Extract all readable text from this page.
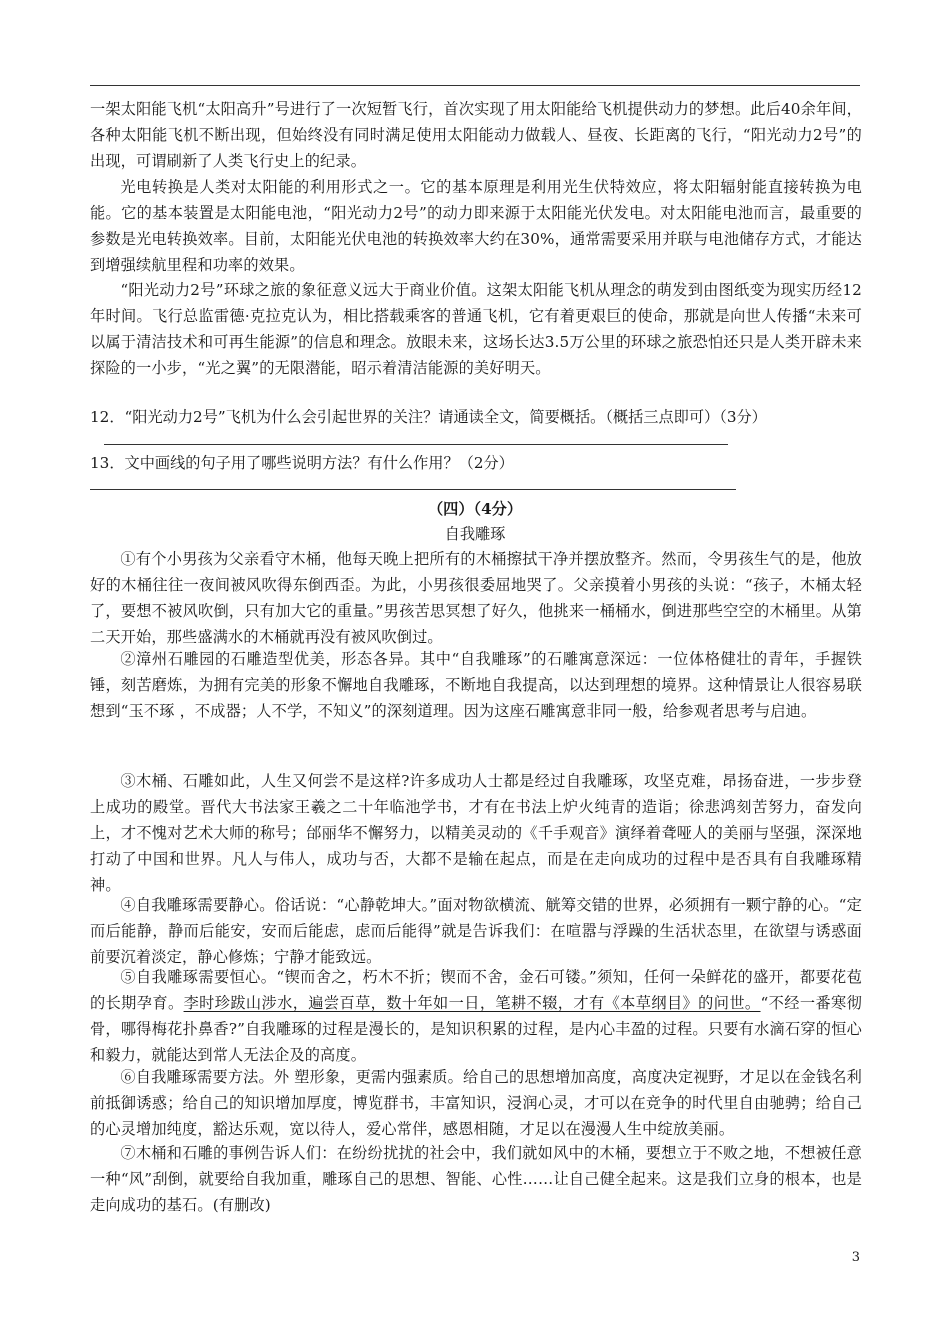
一架太阳能飞机“太阳高升”号进行了一次短暂飞行，首次实现了用太阳能给飞机提供动力的梦想。此后40余年间，各种太阳能飞机不断出现，但始终没有同时满足使用太阳能动力做载人、昼夜、长距离的飞行，“阳光动力2号”的出现，可谓刷新了人类飞行史上的纪录。

光电转换是人类对太阳能的利用形式之一。它的基本原理是利用光生伏特效应，将太阳辐射能直接转换为电能。它的基本装置是太阳能电池，“阳光动力2号”的动力即来源于太阳能光伏发电。对太阳能电池而言，最重要的参数是光电转换效率。目前，太阳能光伏电池的转换效率大约在30%，通常需要采用并联与电池储存方式，才能达到增强续航里程和功率的效果。

“阳光动力2号”环球之旅的象征意义远大于商业价值。这架太阳能飞机从理念的萌发到由图纸变为现实历经12年时间。飞行总监雷德·克拉克认为，相比搭载乘客的普通飞机，它有着更艰巨的使命，那就是向世人传播“未来可以属于清洁技术和可再生能源”的信息和理念。放眼未来，这场长达3.5万公里的环球之旅恐怕还只是人类开辟未来探险的一小步，“光之翼”的无限潜能，昭示着清洁能源的美好明天。

12．“阳光动力2号”飞机为什么会引起世界的关注？请通读全文，简要概括。（概括三点即可）（3分）
13．文中画线的句子用了哪些说明方法？有什么作用？（2分）
（四）（4分）
自我雕琢

①有个小男孩为父亲看守木桶，他每天晚上把所有的木桶擦拭干净并摆放整齐。然而，令男孩生气的是，他放好的木桶往往一夜间被风吹得东倒西歪。为此，小男孩很委屈地哭了。父亲摸着小男孩的头说：“孩子，木桶太轻了，要想不被风吹倒，只有加大它的重量。”男孩苦思冥想了好久，他挑来一桶桶水，倒进那些空空的木桶里。从第二天开始，那些盛满水的木桶就再没有被风吹倒过。

②漳州石雕园的石雕造型优美，形态各异。其中“自我雕琢”的石雕寓意深远：一位体格健壮的青年，手握铁锤，刻苦磨炼，为拥有完美的形象不懈地自我雕琢，不断地自我提高，以达到理想的境界。这种情景让人很容易联想到“玉不琢 ，不成器；人不学，不知义”的深刻道理。因为这座石雕寓意非同一般，给参观者思考与启迪。

③木桶、石雕如此，人生又何尝不是这样?许多成功人士都是经过自我雕琢，攻坚克难，昂扬奋进，一步步登上成功的殿堂。晋代大书法家王羲之二十年临池学书，才有在书法上炉火纯青的造诣；徐悲鸿刻苦努力，奋发向上，才不愧对艺术大师的称号；邰丽华不懈努力，以精美灵动的《千手观音》演绎着聋哑人的美丽与坚强，深深地打动了中国和世界。凡人与伟人，成功与否，大都不是输在起点，而是在走向成功的过程中是否具有自我雕琢精神。

④自我雕琢需要静心。俗话说：“心静乾坤大。”面对物欲横流、觥筹交错的世界，必须拥有一颗宁静的心。“定而后能静，静而后能安，安而后能虑，虑而后能得”就是告诉我们：在喧嚣与浮躁的生活状态里，在欲望与诱惑面前要沉着淡定，静心修炼；宁静才能致远。

⑤自我雕琢需要恒心。“锲而舍之，朽木不折；锲而不舍，金石可镂。”须知，任何一朵鲜花的盛开，都要花苞的长期孕育。李时珍跋山涉水，遍尝百草，数十年如一日，笔耕不辍，才有《本草纲目》的问世。“不经一番寒彻骨，哪得梅花扑鼻香?”自我雕琢的过程是漫长的，是知识积累的过程，是内心丰盈的过程。只要有水滴石穿的恒心和毅力，就能达到常人无法企及的高度。

⑥自我雕琢需要方法。外 塑形象，更需内强素质。给自己的思想增加高度，高度决定视野，才足以在金钱名利前抵御诱惑；给自己的知识增加厚度，博览群书，丰富知识，浸润心灵，才可以在竞争的时代里自由驰骋；给自己的心灵增加纯度，豁达乐观，宽以待人，爱心常伴，感恩相随，才足以在漫漫人生中绽放美丽。

⑦木桶和石雕的事例告诉人们：在纷纷扰扰的社会中，我们就如风中的木桶，要想立于不败之地，不想被任意一种“风”刮倒，就要给自我加重，雕琢自己的思想、智能、心性……让自己健全起来。这是我们立身的根本，也是走向成功的基石。(有删改)

3
